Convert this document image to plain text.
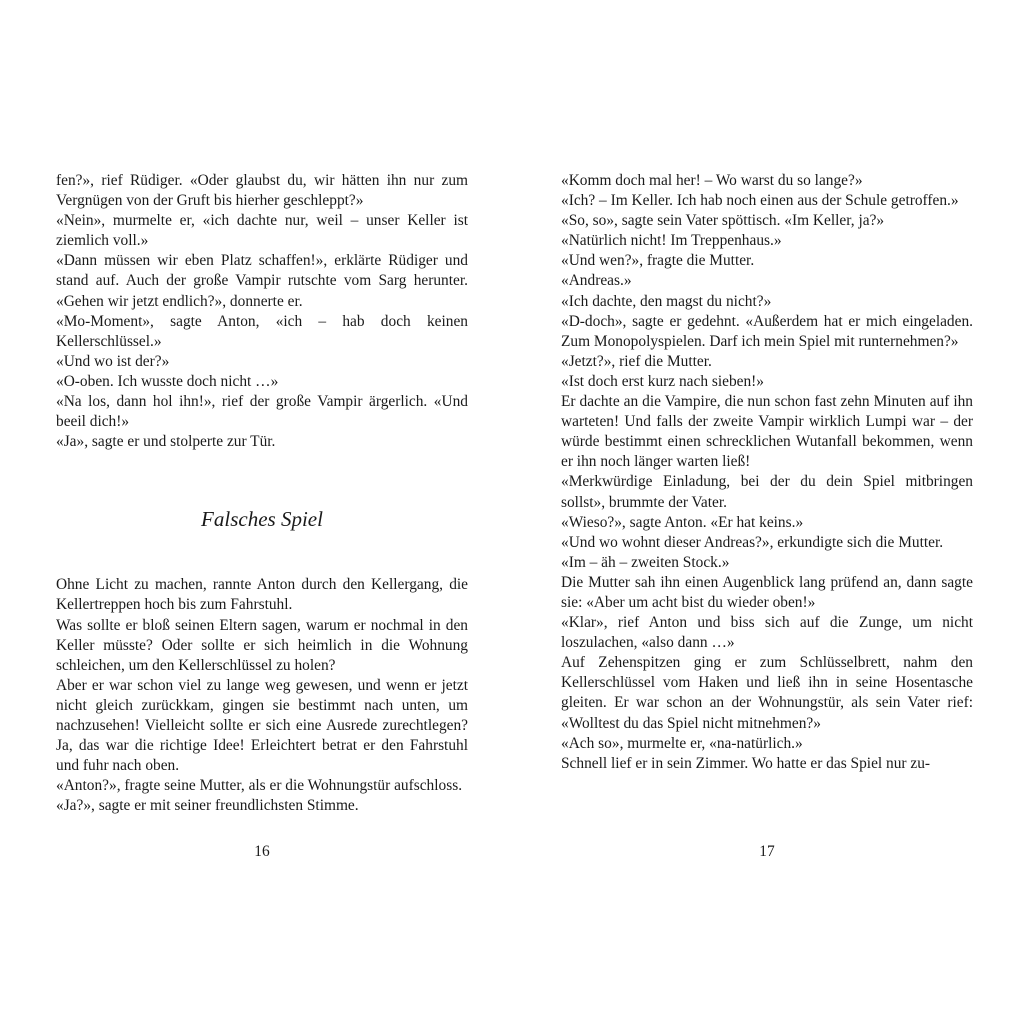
fen?», rief Rüdiger. «Oder glaubst du, wir hätten ihn nur zum Vergnügen von der Gruft bis hierher geschleppt?»

«Nein», murmelte er, «ich dachte nur, weil – unser Keller ist ziemlich voll.»

«Dann müssen wir eben Platz schaffen!», erklärte Rüdiger und stand auf. Auch der große Vampir rutschte vom Sarg herunter. «Gehen wir jetzt endlich?», donnerte er.

«Mo-Moment», sagte Anton, «ich – hab doch keinen Kellerschlüssel.»

«Und wo ist der?»

«O-oben. Ich wusste doch nicht …»

«Na los, dann hol ihn!», rief der große Vampir ärgerlich. «Und beeil dich!»

«Ja», sagte er und stolperte zur Tür.

Falsches Spiel

Ohne Licht zu machen, rannte Anton durch den Kellergang, die Kellertreppen hoch bis zum Fahrstuhl.

Was sollte er bloß seinen Eltern sagen, warum er nochmal in den Keller müsste? Oder sollte er sich heimlich in die Wohnung schleichen, um den Kellerschlüssel zu holen?

Aber er war schon viel zu lange weg gewesen, und wenn er jetzt nicht gleich zurückkam, gingen sie bestimmt nach unten, um nachzusehen! Vielleicht sollte er sich eine Ausrede zurechtlegen? Ja, das war die richtige Idee! Erleichtert betrat er den Fahrstuhl und fuhr nach oben.

«Anton?», fragte seine Mutter, als er die Wohnungstür aufschloss.

«Ja?», sagte er mit seiner freundlichsten Stimme.

«Komm doch mal her! – Wo warst du so lange?»

«Ich? – Im Keller. Ich hab noch einen aus der Schule getroffen.»

«So, so», sagte sein Vater spöttisch. «Im Keller, ja?»

«Natürlich nicht! Im Treppenhaus.»

«Und wen?», fragte die Mutter.

«Andreas.»

«Ich dachte, den magst du nicht?»

«D-doch», sagte er gedehnt. «Außerdem hat er mich eingeladen. Zum Monopolyspielen. Darf ich mein Spiel mit runternehmen?»

«Jetzt?», rief die Mutter.

«Ist doch erst kurz nach sieben!»

Er dachte an die Vampire, die nun schon fast zehn Minuten auf ihn warteten! Und falls der zweite Vampir wirklich Lumpi war – der würde bestimmt einen schrecklichen Wutanfall bekommen, wenn er ihn noch länger warten ließ!

«Merkwürdige Einladung, bei der du dein Spiel mitbringen sollst», brummte der Vater.

«Wieso?», sagte Anton. «Er hat keins.»

«Und wo wohnt dieser Andreas?», erkundigte sich die Mutter.

«Im – äh – zweiten Stock.»

Die Mutter sah ihn einen Augenblick lang prüfend an, dann sagte sie: «Aber um acht bist du wieder oben!»

«Klar», rief Anton und biss sich auf die Zunge, um nicht loszulachen, «also dann …»

Auf Zehenspitzen ging er zum Schlüsselbrett, nahm den Kellerschlüssel vom Haken und ließ ihn in seine Hosentasche gleiten. Er war schon an der Wohnungstür, als sein Vater rief: «Wolltest du das Spiel nicht mitnehmen?»

«Ach so», murmelte er, «na-natürlich.»

Schnell lief er in sein Zimmer. Wo hatte er das Spiel nur zu-

16	17
